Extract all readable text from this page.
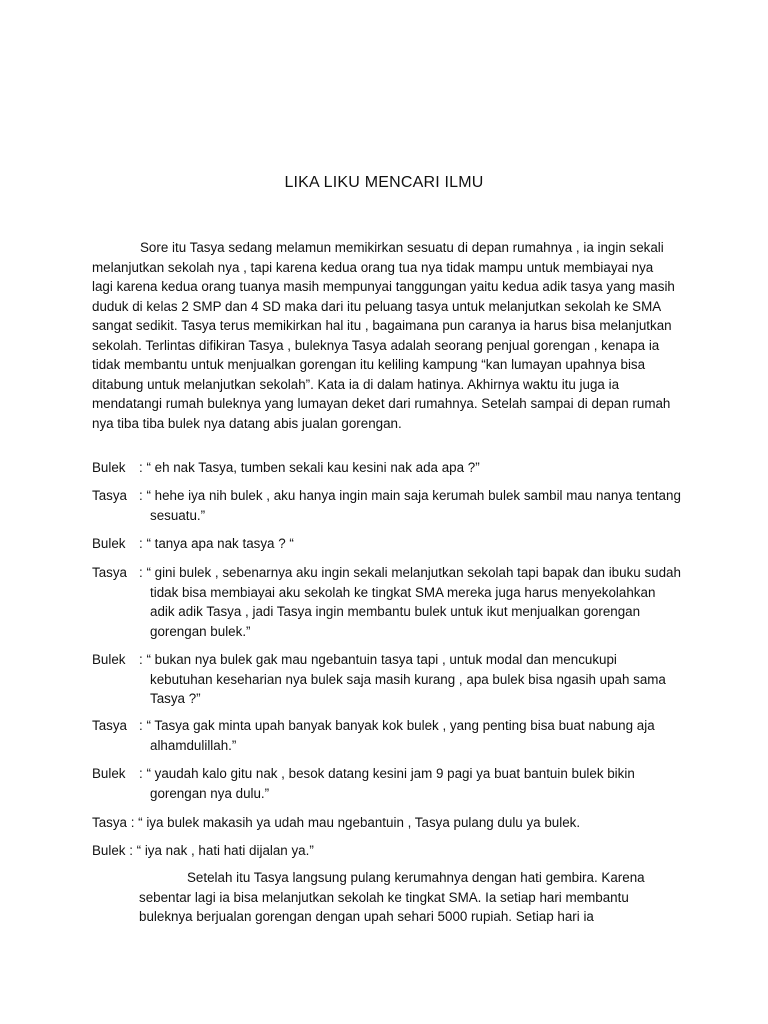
LIKA LIKU MENCARI ILMU

Sore itu Tasya sedang melamun memikirkan sesuatu di depan rumahnya , ia ingin sekali melanjutkan sekolah nya , tapi karena kedua orang tua nya tidak mampu untuk membiayai nya lagi karena kedua orang tuanya masih mempunyai tanggungan yaitu kedua adik tasya yang masih duduk di kelas 2 SMP dan 4 SD maka dari itu peluang tasya untuk melanjutkan sekolah ke SMA sangat sedikit. Tasya terus memikirkan hal itu , bagaimana pun caranya ia harus bisa melanjutkan sekolah. Terlintas difikiran Tasya , buleknya Tasya adalah seorang penjual gorengan , kenapa ia tidak membantu untuk menjualkan gorengan itu keliling kampung “kan lumayan upahnya bisa ditabung untuk melanjutkan sekolah”. Kata ia di dalam hatinya. Akhirnya waktu itu juga ia mendatangi rumah buleknya yang lumayan deket dari rumahnya. Setelah sampai di depan rumah nya tiba tiba bulek nya datang abis jualan gorengan.

Bulek : “ eh nak Tasya, tumben sekali kau kesini nak ada apa ?”
Tasya : “ hehe iya nih bulek , aku hanya ingin main saja kerumah bulek sambil mau nanya tentang sesuatu.”
Bulek : “ tanya apa nak tasya ? “
Tasya : “ gini bulek , sebenarnya aku ingin sekali melanjutkan sekolah tapi bapak dan ibuku sudah tidak bisa membiayai aku sekolah ke tingkat SMA mereka juga harus menyekolahkan adik adik Tasya , jadi Tasya ingin membantu bulek untuk ikut menjualkan gorengan gorengan bulek.”
Bulek : “ bukan nya bulek gak mau ngebantuin tasya tapi , untuk modal dan mencukupi kebutuhan keseharian nya bulek saja masih kurang , apa bulek bisa ngasih upah sama Tasya ?”
Tasya : “ Tasya gak minta upah banyak banyak kok bulek , yang penting bisa buat nabung aja alhamdulillah.”
Bulek : “ yaudah kalo gitu nak , besok datang kesini jam 9 pagi ya buat bantuin bulek bikin gorengan nya dulu.”
Tasya : “ iya bulek makasih ya udah mau ngebantuin , Tasya pulang dulu ya bulek.
Bulek : “ iya nak , hati hati dijalan ya.”

Setelah itu Tasya langsung pulang kerumahnya dengan hati gembira. Karena sebentar lagi ia bisa melanjutkan sekolah ke tingkat SMA. Ia setiap hari membantu buleknya berjualan gorengan dengan upah sehari 5000 rupiah. Setiap hari ia
